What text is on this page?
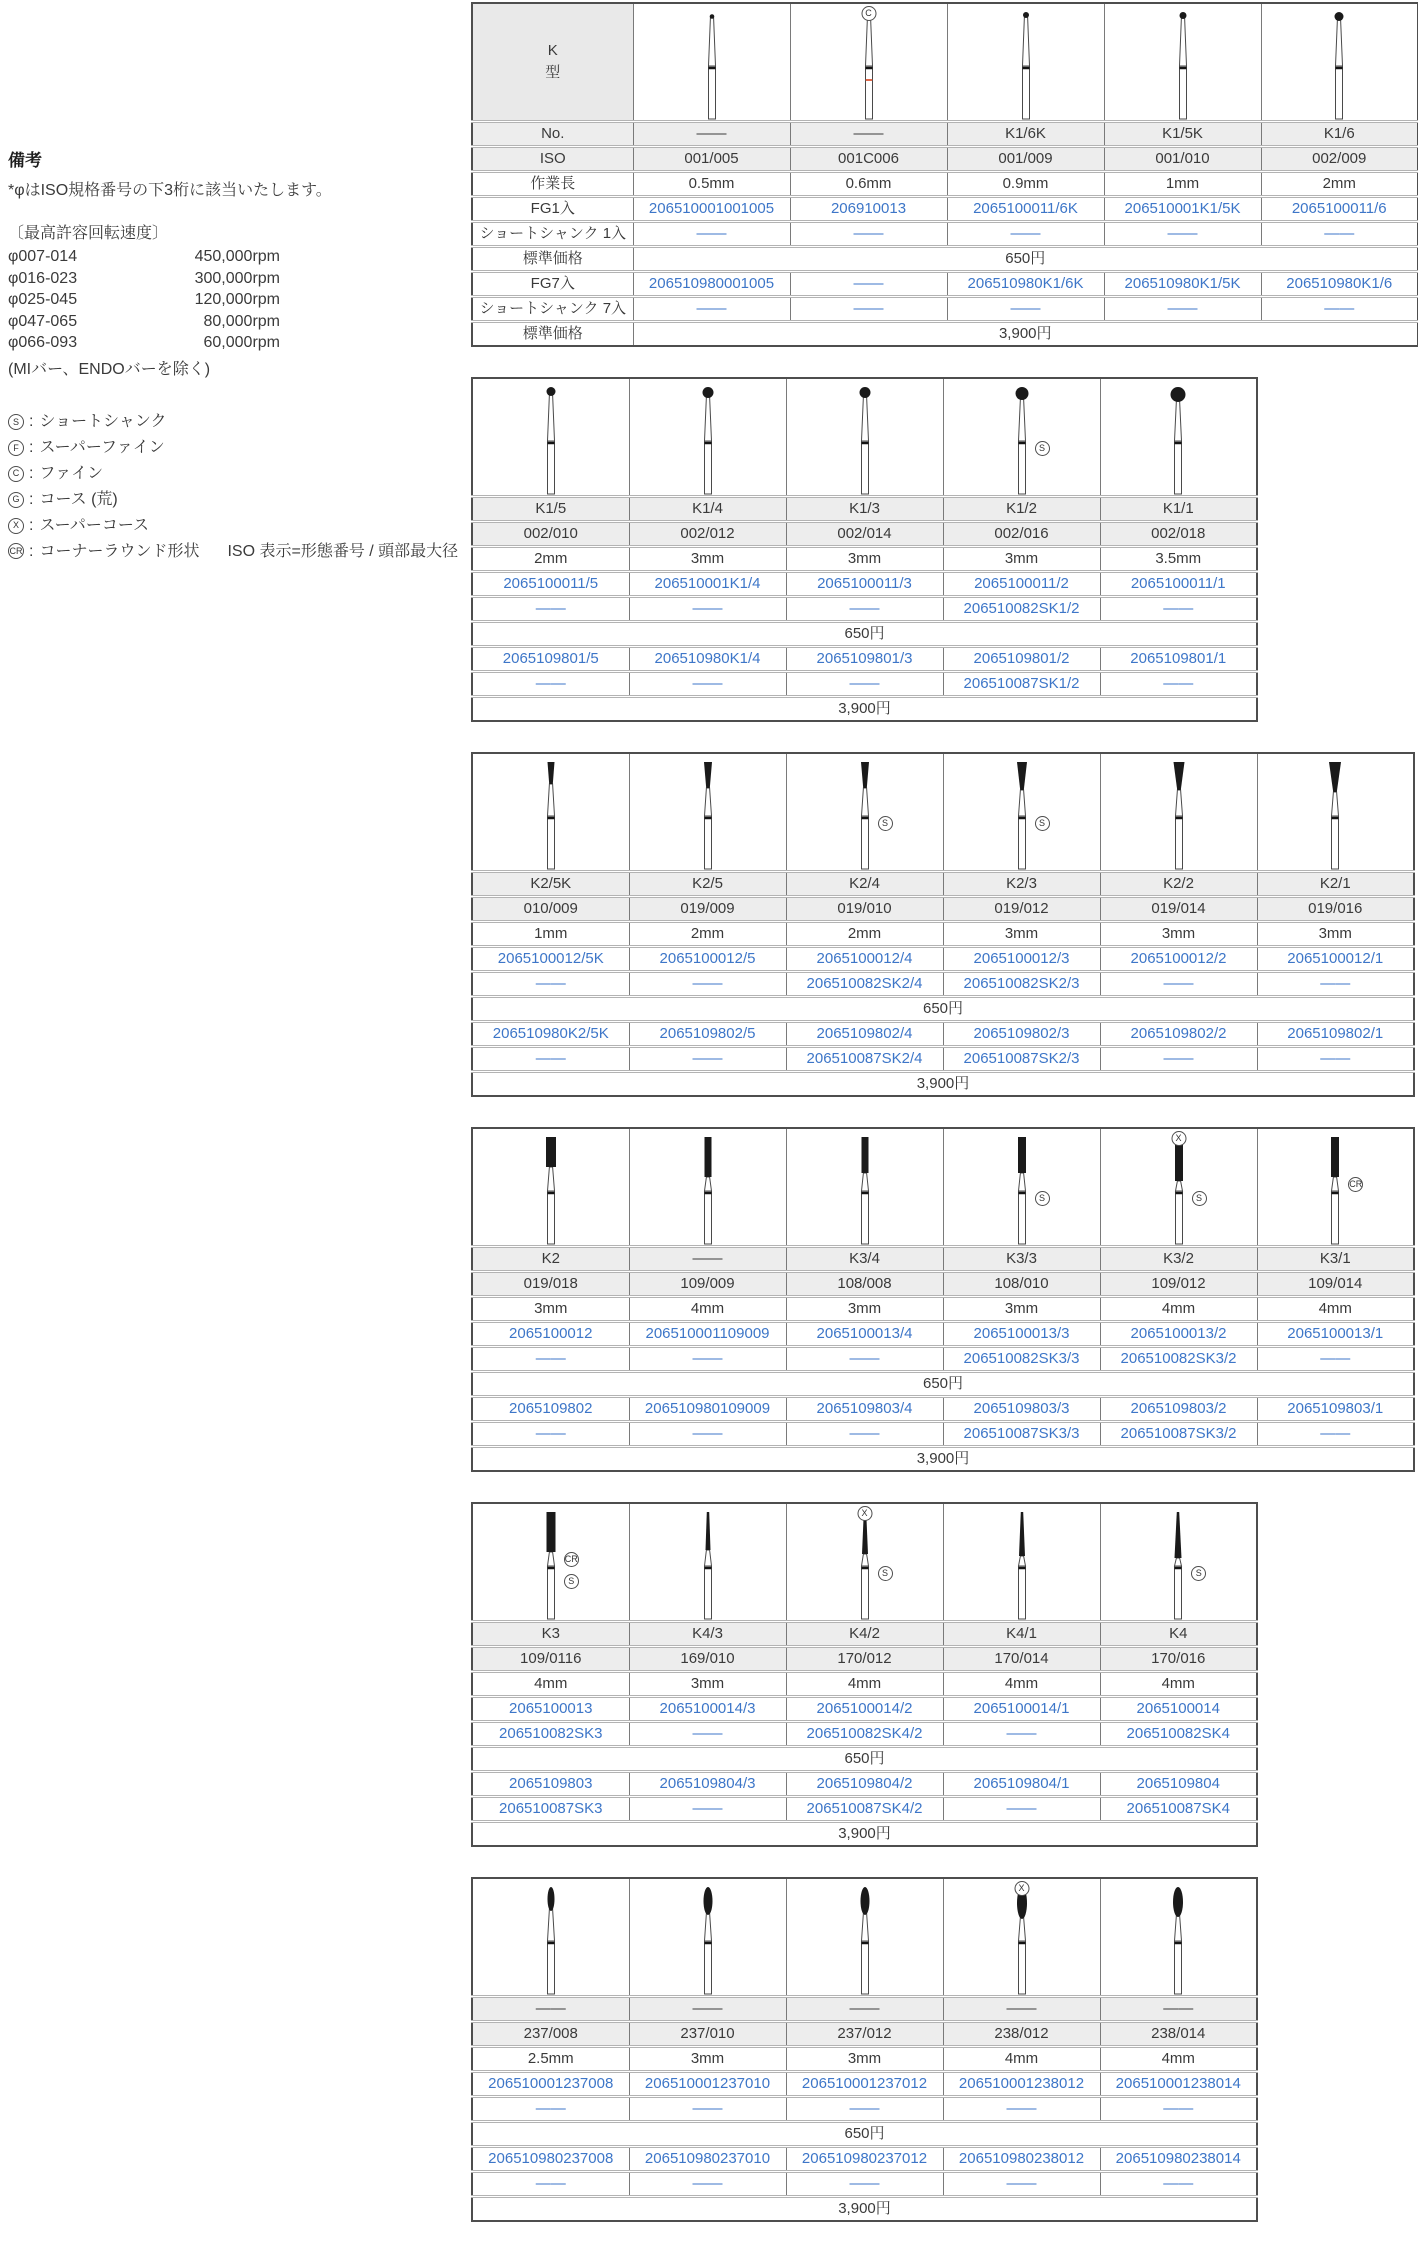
備考

*φはISO規格番号の下3桁に該当いたします。

〔最高許容回転速度〕

φ007-014	450,000rpm
φ016-023	300,000rpm
φ025-045	120,000rpm
φ047-065	80,000rpm
φ066-093	60,000rpm

(MIバー、ENDOバーを除く)

S : ショートシャンク
F : スーパーファイン
C : ファイン
G : コース (荒)
X : スーパーコース
CR : コーナーラウンド形状 ISO 表示=形態番号 / 頭部最大径
K
型		C

No.	——	——	K1/6K	K1/5K	K1/6
ISO	001/005	001C006	001/009	001/010	002/009
作業長	0.5mm	0.6mm	0.9mm	1mm	2mm
FG1入	206510001001005	206910013	2065100011/6K	206510001K1/5K	2065100011/6
ショートシャンク 1入	——	——	——	——	——
標準価格	650円				
FG7入	206510980001005	——	206510980K1/6K	206510980K1/5K	206510980K1/6
ショートシャンク 7入	——	——	——	——	——
標準価格	3,900円				

S

K1/5	K1/4	K1/3	K1/2	K1/1
002/010	002/012	002/014	002/016	002/018
2mm	3mm	3mm	3mm	3.5mm
2065100011/5	206510001K1/4	2065100011/3	2065100011/2	2065100011/1
——	——	——	206510082SK1/2	——
650円				
2065109801/5	206510980K1/4	2065109801/3	2065109801/2	2065109801/1
——	——	——	206510087SK1/2	——
3,900円				

S	S

K2/5K	K2/5	K2/4	K2/3	K2/2	K2/1
010/009	019/009	019/010	019/012	019/014	019/016
1mm	2mm	2mm	3mm	3mm	3mm
2065100012/5K	2065100012/5	2065100012/4	2065100012/3	2065100012/2	2065100012/1
——	——	206510082SK2/4	206510082SK2/3	——	——
650円					
206510980K2/5K	2065109802/5	2065109802/4	2065109802/3	2065109802/2	2065109802/1
——	——	206510087SK2/4	206510087SK2/3	——	——
3,900円					

S	X
S	CR

K2	——	K3/4	K3/3	K3/2	K3/1
019/018	109/009	108/008	108/010	109/012	109/014
3mm	4mm	3mm	3mm	4mm	4mm
2065100012	206510001109009	2065100013/4	2065100013/3	2065100013/2	2065100013/1
——	——	——	206510082SK3/3	206510082SK3/2	——
650円					
2065109802	206510980109009	2065109803/4	2065109803/3	2065109803/2	2065109803/1
——	——	——	206510087SK3/3	206510087SK3/2	——
3,900円					
CR
S		X
S		S

K3	K4/3	K4/2	K4/1	K4
109/0116	169/010	170/012	170/014	170/016
4mm	3mm	4mm	4mm	4mm
2065100013	2065100014/3	2065100014/2	2065100014/1	2065100014
206510082SK3	——	206510082SK4/2	——	206510082SK4
650円				
2065109803	2065109804/3	2065109804/2	2065109804/1	2065109804
206510087SK3	——	206510087SK4/2	——	206510087SK4
3,900円				

X

——	——	——	——	——
237/008	237/010	237/012	238/012	238/014
2.5mm	3mm	3mm	4mm	4mm
206510001237008	206510001237010	206510001237012	206510001238012	206510001238014
——	——	——	——	——
650円				
206510980237008	206510980237010	206510980237012	206510980238012	206510980238014
——	——	——	——	——
3,900円				
